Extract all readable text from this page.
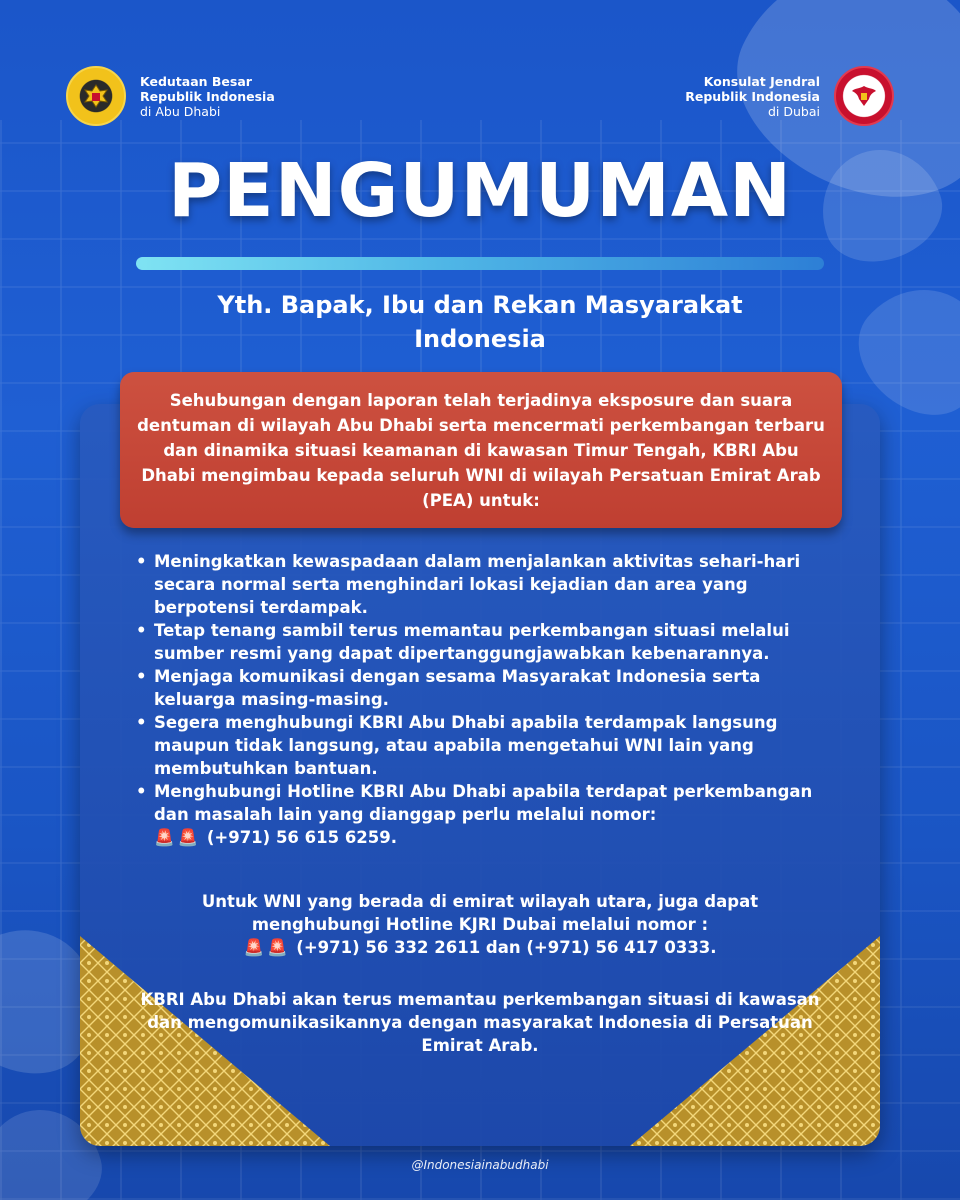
Kedutaan Besar
Republik Indonesia
di Abu Dhabi
Konsulat Jendral
Republik Indonesia
di Dubai
PENGUMUMAN
Yth. Bapak, Ibu dan Rekan Masyarakat
Indonesia

Sehubungan dengan laporan telah terjadinya eksposure dan suara dentuman di wilayah Abu Dhabi serta mencermati perkembangan terbaru dan dinamika situasi keamanan di kawasan Timur Tengah, KBRI Abu Dhabi mengimbau kepada seluruh WNI di wilayah Persatuan Emirat Arab (PEA) untuk:

• Meningkatkan kewaspadaan dalam menjalankan aktivitas sehari-hari secara normal serta menghindari lokasi kejadian dan area yang berpotensi terdampak.
• Tetap tenang sambil terus memantau perkembangan situasi melalui sumber resmi yang dapat dipertanggungjawabkan kebenarannya.
• Menjaga komunikasi dengan sesama Masyarakat Indonesia serta keluarga masing-masing.
• Segera menghubungi KBRI Abu Dhabi apabila terdampak langsung maupun tidak langsung, atau apabila mengetahui WNI lain yang membutuhkan bantuan.
• Menghubungi Hotline KBRI Abu Dhabi apabila terdapat perkembangan dan masalah lain yang dianggap perlu melalui nomor:
🚨 🚨 (+971) 56 615 6259.
Untuk WNI yang berada di emirat wilayah utara, juga dapat
menghubungi Hotline KJRI Dubai melalui nomor :
🚨 🚨 (+971) 56 332 2611 dan (+971) 56 417 0333.
KBRI Abu Dhabi akan terus memantau perkembangan situasi di kawasan
dan mengomunikasikannya dengan masyarakat Indonesia di Persatuan
Emirat Arab.
@Indonesiainabudhabi
